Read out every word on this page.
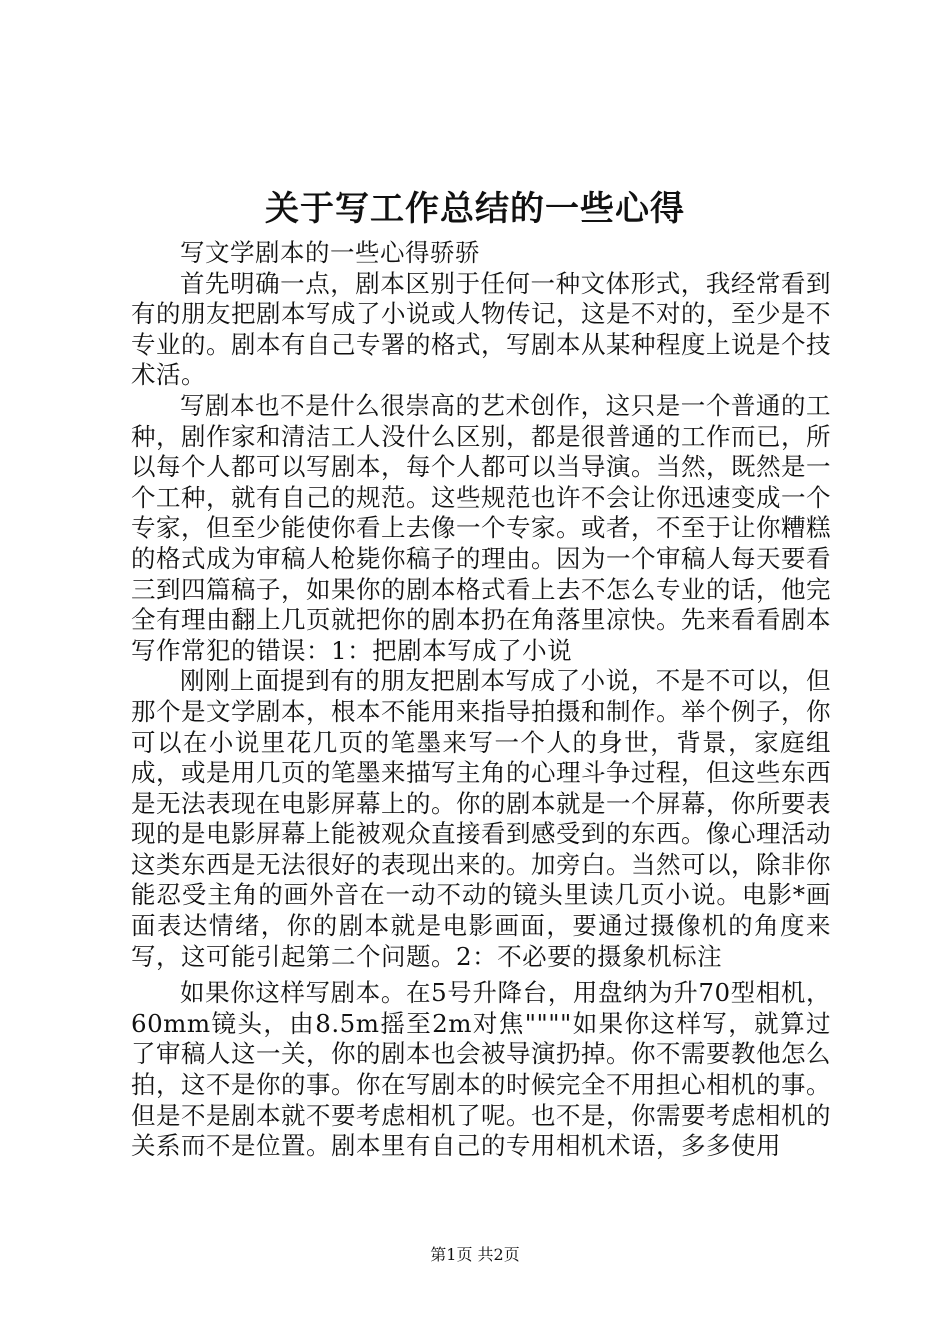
关于写工作总结的一些心得

写文学剧本的一些心得骄骄

首先明确一点，剧本区别于任何一种文体形式，我经常看到有的朋友把剧本写成了小说或人物传记，这是不对的，至少是不专业的。剧本有自己专署的格式，写剧本从某种程度上说是个技术活。

写剧本也不是什么很崇高的艺术创作，这只是一个普通的工种，剧作家和清洁工人没什么区别，都是很普通的工作而已，所以每个人都可以写剧本，每个人都可以当导演。当然，既然是一个工种，就有自己的规范。这些规范也许不会让你迅速变成一个专家，但至少能使你看上去像一个专家。或者，不至于让你糟糕的格式成为审稿人枪毙你稿子的理由。因为一个审稿人每天要看三到四篇稿子，如果你的剧本格式看上去不怎么专业的话，他完全有理由翻上几页就把你的剧本扔在角落里凉快。先来看看剧本写作常犯的错误：1：把剧本写成了小说

刚刚上面提到有的朋友把剧本写成了小说，不是不可以，但那个是文学剧本，根本不能用来指导拍摄和制作。举个例子，你可以在小说里花几页的笔墨来写一个人的身世，背景，家庭组成，或是用几页的笔墨来描写主角的心理斗争过程，但这些东西是无法表现在电影屏幕上的。你的剧本就是一个屏幕，你所要表现的是电影屏幕上能被观众直接看到感受到的东西。像心理活动这类东西是无法很好的表现出来的。加旁白。当然可以，除非你能忍受主角的画外音在一动不动的镜头里读几页小说。电影*画面表达情绪，你的剧本就是电影画面，要通过摄像机的角度来写，这可能引起第二个问题。2：不必要的摄象机标注

如果你这样写剧本。在5号升降台，用盘纳为升70型相机，60mm镜头，由8.5m摇至2m对焦""""如果你这样写，就算过了审稿人这一关，你的剧本也会被导演扔掉。你不需要教他怎么拍，这不是你的事。你在写剧本的时候完全不用担心相机的事。但是不是剧本就不要考虑相机了呢。也不是，你需要考虑相机的关系而不是位置。剧本里有自己的专用相机术语，多多使用

第1页 共2页
